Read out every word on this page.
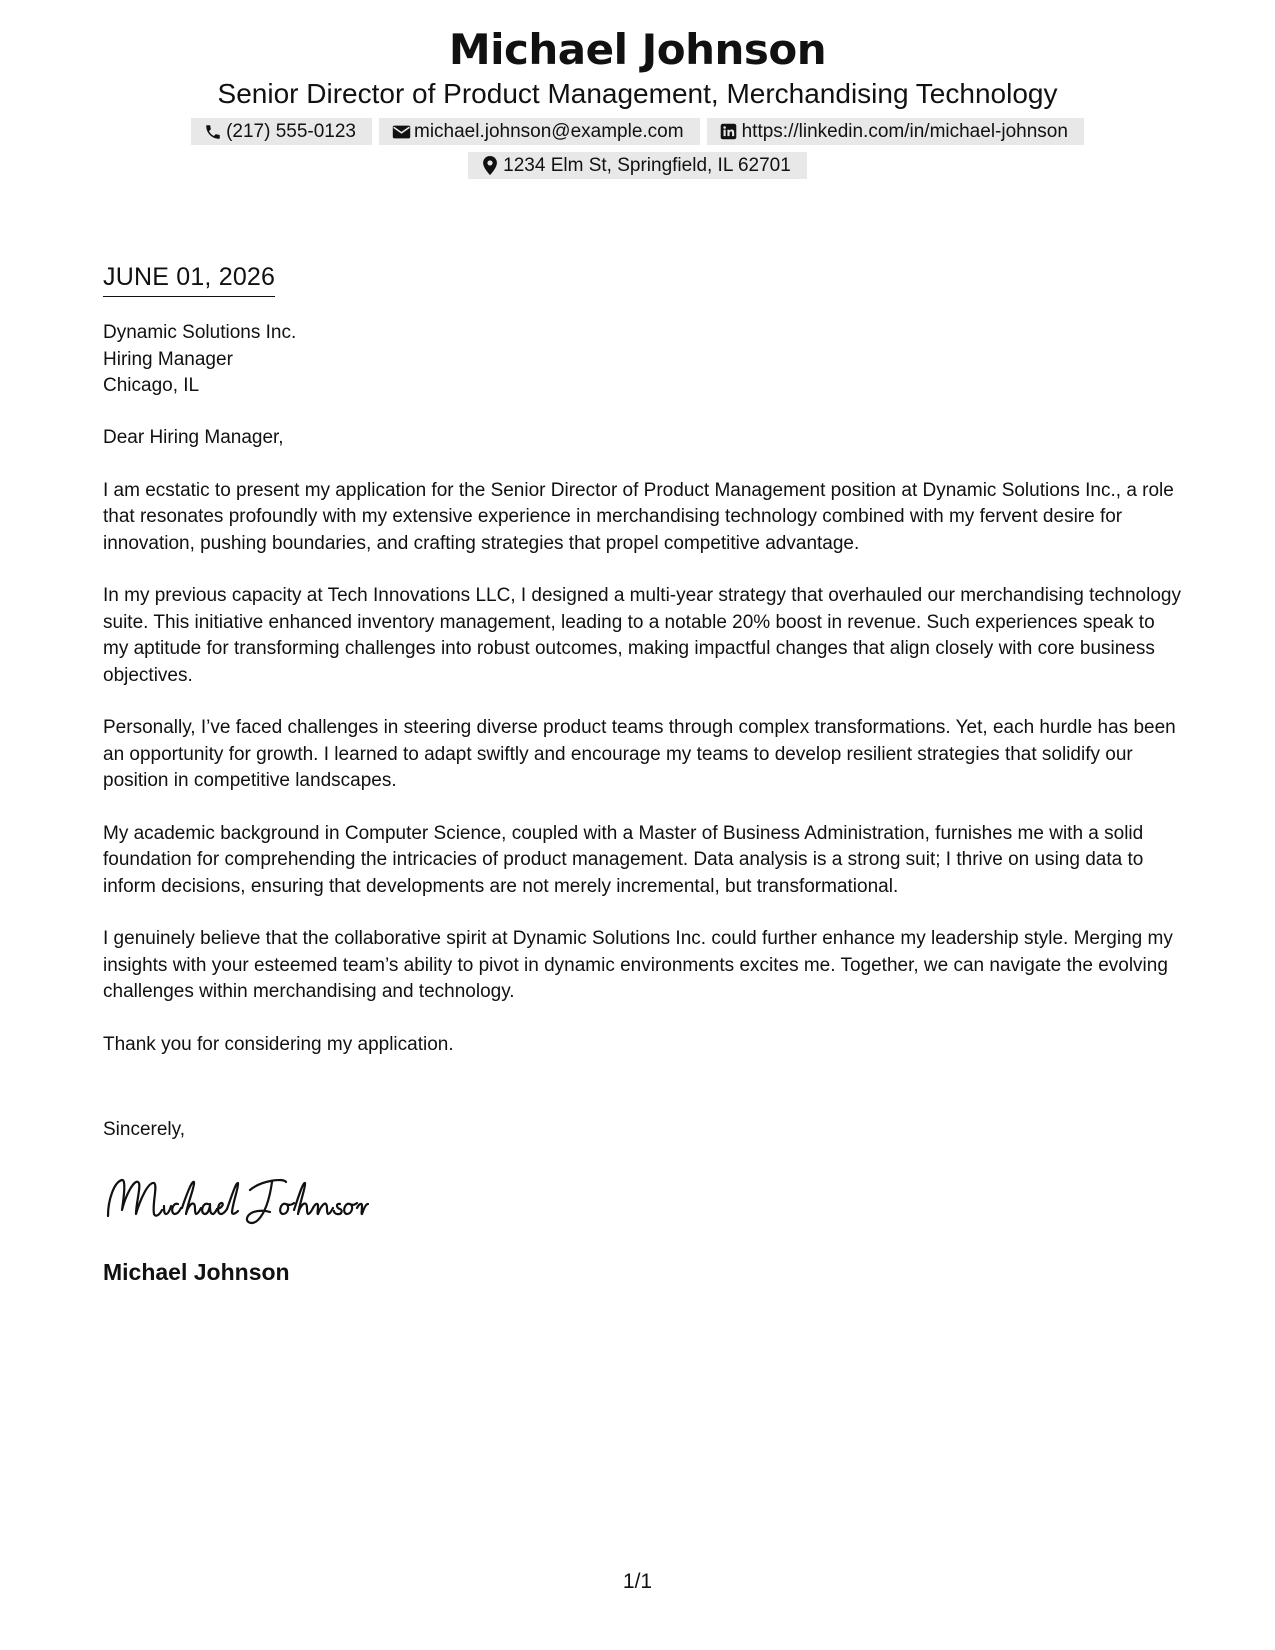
Michael Johnson
Senior Director of Product Management, Merchandising Technology
(217) 555-0123	michael.johnson@example.com	https://linkedin.com/in/michael-johnson
1234 Elm St, Springfield, IL 62701
JUNE 01, 2026
Dynamic Solutions Inc.
Hiring Manager
Chicago, IL

Dear Hiring Manager,

I am ecstatic to present my application for the Senior Director of Product Management position at Dynamic Solutions Inc., a role that resonates profoundly with my extensive experience in merchandising technology combined with my fervent desire for innovation, pushing boundaries, and crafting strategies that propel competitive advantage.

In my previous capacity at Tech Innovations LLC, I designed a multi-year strategy that overhauled our merchandising technology suite. This initiative enhanced inventory management, leading to a notable 20% boost in revenue. Such experiences speak to my aptitude for transforming challenges into robust outcomes, making impactful changes that align closely with core business objectives.

Personally, I’ve faced challenges in steering diverse product teams through complex transformations. Yet, each hurdle has been an opportunity for growth. I learned to adapt swiftly and encourage my teams to develop resilient strategies that solidify our position in competitive landscapes.

My academic background in Computer Science, coupled with a Master of Business Administration, furnishes me with a solid foundation for comprehending the intricacies of product management. Data analysis is a strong suit; I thrive on using data to inform decisions, ensuring that developments are not merely incremental, but transformational.

I genuinely believe that the collaborative spirit at Dynamic Solutions Inc. could further enhance my leadership style. Merging my insights with your esteemed team’s ability to pivot in dynamic environments excites me. Together, we can navigate the evolving challenges within merchandising and technology.

Thank you for considering my application.

Sincerely,
Michael Johnson
1/1
